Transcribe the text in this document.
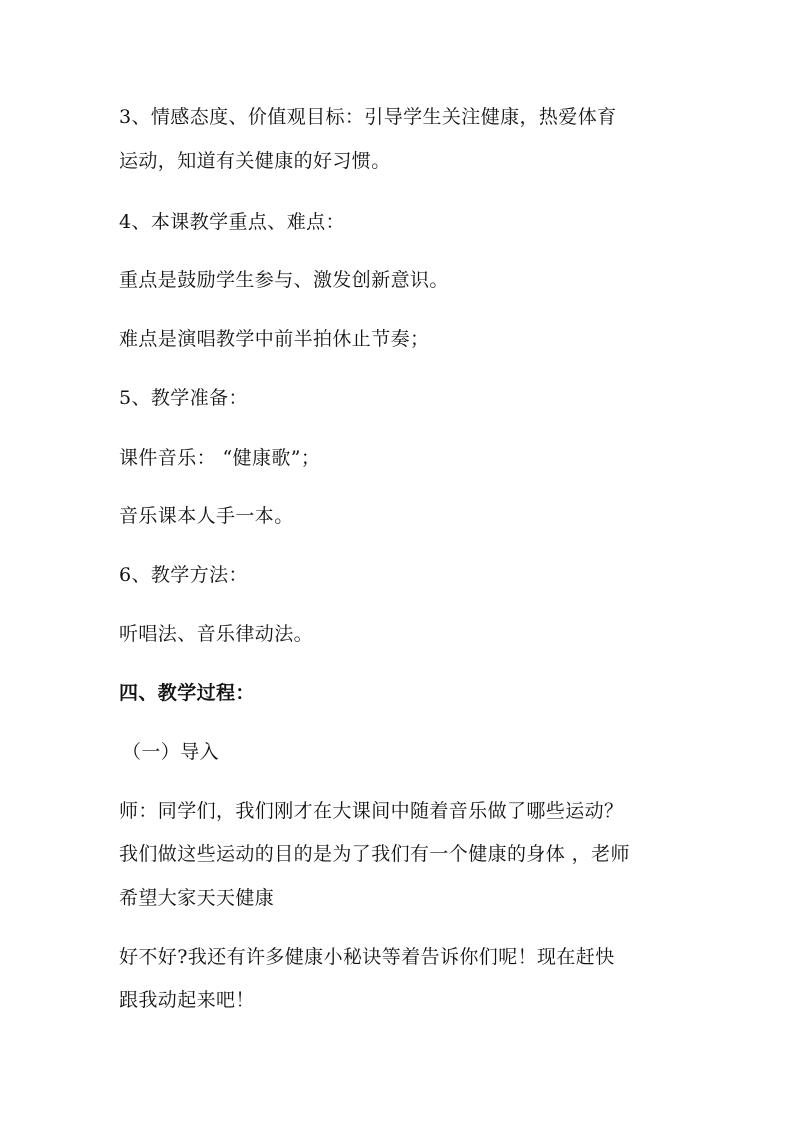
3、情感态度、价值观目标：引导学生关注健康，热爱体育
运动，知道有关健康的好习惯。
4、本课教学重点、难点：
重点是鼓励学生参与、激发创新意识。
难点是演唱教学中前半拍休止节奏；
5、教学准备：
课件音乐： “健康歌”；
音乐课本人手一本。
6、教学方法：
听唱法、音乐律动法。
四、教学过程：
（一）导入
师：同学们，我们刚才在大课间中随着音乐做了哪些运动？
我们做这些运动的目的是为了我们有一个健康的身体 ，老师
希望大家天天健康
好不好?我还有许多健康小秘诀等着告诉你们呢！现在赶快
跟我动起来吧！
